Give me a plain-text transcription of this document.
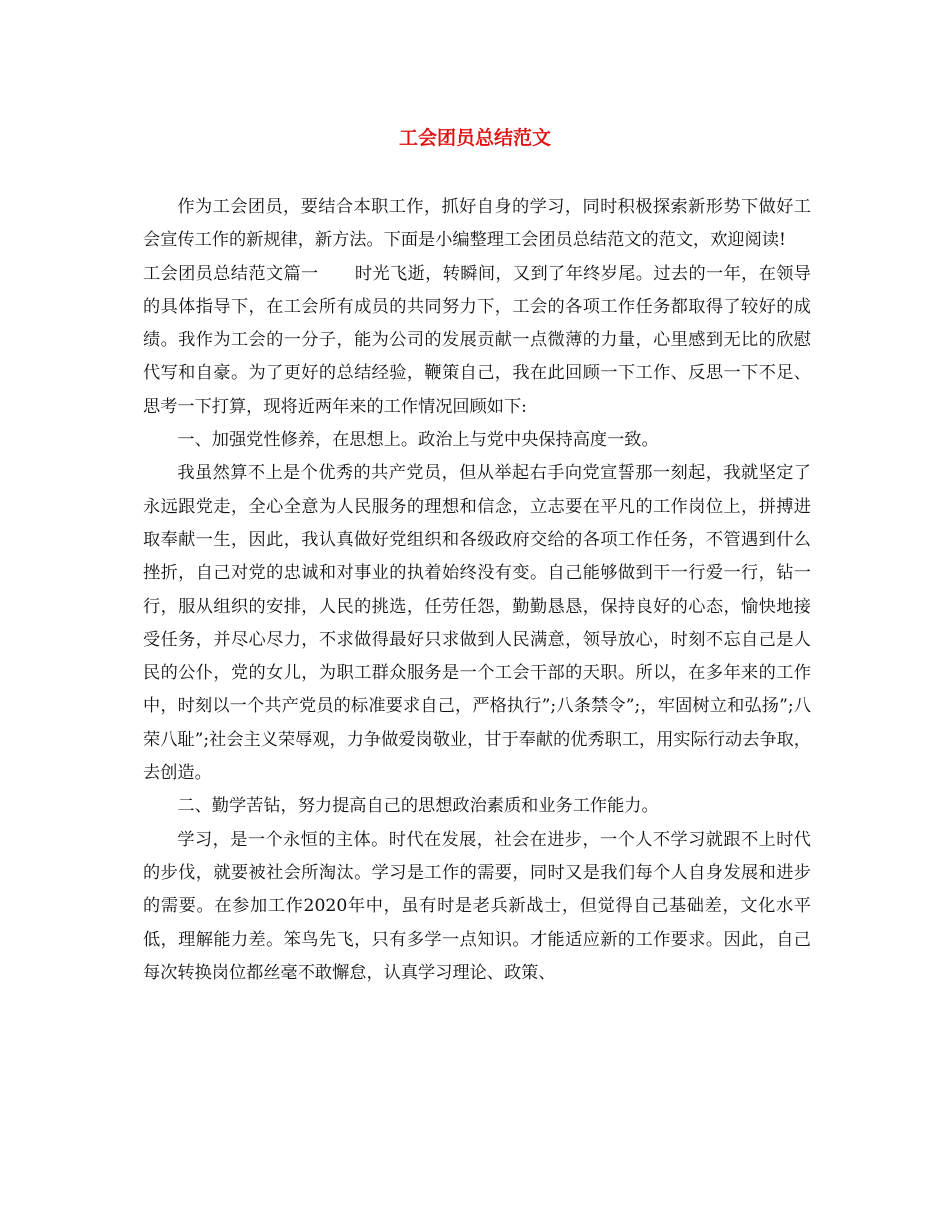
工会团员总结范文

作为工会团员，要结合本职工作，抓好自身的学习，同时积极探索新形势下做好工会宣传工作的新规律，新方法。下面是小编整理工会团员总结范文的范文，欢迎阅读!

工会团员总结范文篇一 时光飞逝，转瞬间，又到了年终岁尾。过去的一年，在领导的具体指导下，在工会所有成员的共同努力下，工会的各项工作任务都取得了较好的成绩。我作为工会的一分子，能为公司的发展贡献一点微薄的力量，心里感到无比的欣慰代写和自豪。为了更好的总结经验，鞭策自己，我在此回顾一下工作、反思一下不足、思考一下打算，现将近两年来的工作情况回顾如下:

一、加强党性修养，在思想上。政治上与党中央保持高度一致。

我虽然算不上是个优秀的共产党员，但从举起右手向党宣誓那一刻起，我就坚定了永远跟党走，全心全意为人民服务的理想和信念，立志要在平凡的工作岗位上，拼搏进取奉献一生，因此，我认真做好党组织和各级政府交给的各项工作任务，不管遇到什么挫折，自己对党的忠诚和对事业的执着始终没有变。自己能够做到干一行爱一行，钻一行，服从组织的安排，人民的挑选，任劳任怨，勤勤恳恳，保持良好的心态，愉快地接受任务，并尽心尽力，不求做得最好只求做到人民满意，领导放心，时刻不忘自己是人民的公仆，党的女儿，为职工群众服务是一个工会干部的天职。所以，在多年来的工作中，时刻以一个共产党员的标准要求自己，严格执行”;八条禁令”;，牢固树立和弘扬”;八荣八耻”;社会主义荣辱观，力争做爱岗敬业，甘于奉献的优秀职工，用实际行动去争取，去创造。

二、勤学苦钻，努力提高自己的思想政治素质和业务工作能力。

学习，是一个永恒的主体。时代在发展，社会在进步，一个人不学习就跟不上时代的步伐，就要被社会所淘汰。学习是工作的需要，同时又是我们每个人自身发展和进步的需要。在参加工作2020年中，虽有时是老兵新战士，但觉得自己基础差，文化水平低，理解能力差。笨鸟先飞，只有多学一点知识。才能适应新的工作要求。因此，自己每次转换岗位都丝毫不敢懈怠，认真学习理论、政策、
